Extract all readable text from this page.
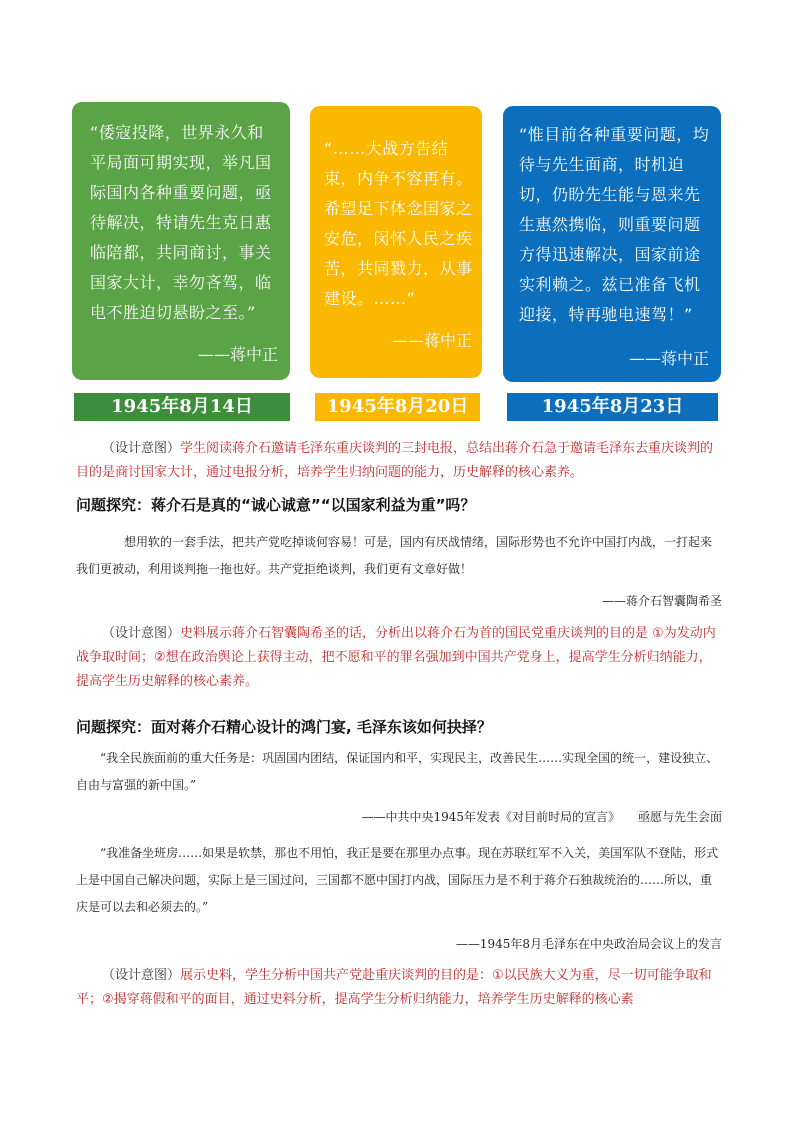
“倭寇投降，世界永久和平局面可期实现，举凡国际国内各种重要问题，亟待解决，特请先生克日惠临陪都，共同商讨，事关国家大计，幸勿吝驾，临电不胜迫切悬盼之至。”
——蒋中正
“……大战方告结束，内争不容再有。希望足下体念国家之安危，闵怀人民之疾苦，共同戮力，从事建设。……”
——蒋中正
“惟目前各种重要问题，均待与先生面商，时机迫切，仍盼先生能与恩来先生惠然携临，则重要问题方得迅速解决，国家前途实利赖之。兹已准备飞机迎接，特再驰电速驾！”
——蒋中正
1945年8月14日	1945年8月20日	1945年8月23日
（设计意图）学生阅读蒋介石邀请毛泽东重庆谈判的三封电报，总结出蒋介石急于邀请毛泽东去重庆谈判的目的是商讨国家大计，通过电报分析，培养学生归纳问题的能力，历史解释的核心素养。
问题探究：蒋介石是真的“诚心诚意”“以国家利益为重”吗？
想用软的一套手法，把共产党吃掉谈何容易！可是，国内有厌战情绪，国际形势也不允许中国打内战，一打起来我们更被动，利用谈判拖一拖也好。共产党拒绝谈判，我们更有文章好做！
——蒋介石智囊陶希圣
（设计意图）史料展示蒋介石智囊陶希圣的话，分析出以蒋介石为首的国民党重庆谈判的目的是 ①为发动内战争取时间；②想在政治舆论上获得主动，把不愿和平的罪名强加到中国共产党身上，提高学生分析归纳能力，提高学生历史解释的核心素养。
问题探究：面对蒋介石精心设计的鸿门宴, 毛泽东该如何抉择？
“我全民族面前的重大任务是：巩固国内团结，保证国内和平，实现民主，改善民生……实现全国的统一，建设独立、自由与富强的新中国。”
——中共中央1945年发表《对目前时局的宣言》　　亟愿与先生会面
“我准备坐班房……如果是软禁，那也不用怕，我正是要在那里办点事。现在苏联红军不入关，美国军队不登陆，形式上是中国自己解决问题，实际上是三国过问，三国都不愿中国打内战，国际压力是不利于蒋介石独裁统治的……所以，重庆是可以去和必须去的。”
——1945年8月毛泽东在中央政治局会议上的发言
（设计意图）展示史料，学生分析中国共产党赴重庆谈判的目的是：①以民族大义为重，尽一切可能争取和平；②揭穿蒋假和平的面目，通过史料分析，提高学生分析归纳能力，培养学生历史解释的核心素
